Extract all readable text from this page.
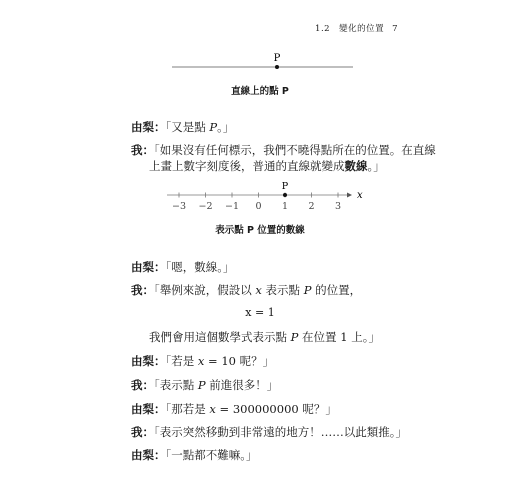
1.2　變化的位置 7
P
直線上的點 P
由梨：「又是點 P。」
我：「如果沒有任何標示，我們不曉得點所在的位置。在直線
上畫上數字刻度後，普通的直線就變成數線。」
x
−3 −2 −1 0 1 2 3
P
表示點 P 位置的數線
由梨：「嗯，數線。」
我：「舉例來說，假設以 x 表示點 P 的位置，
x = 1
我們會用這個數學式表示點 P 在位置 1 上。」
由梨：「若是 x = 10 呢？」
我：「表示點 P 前進很多！」
由梨：「那若是 x = 300000000 呢？」
我：「表示突然移動到非常遠的地方！……以此類推。」
由梨：「一點都不難嘛。」
